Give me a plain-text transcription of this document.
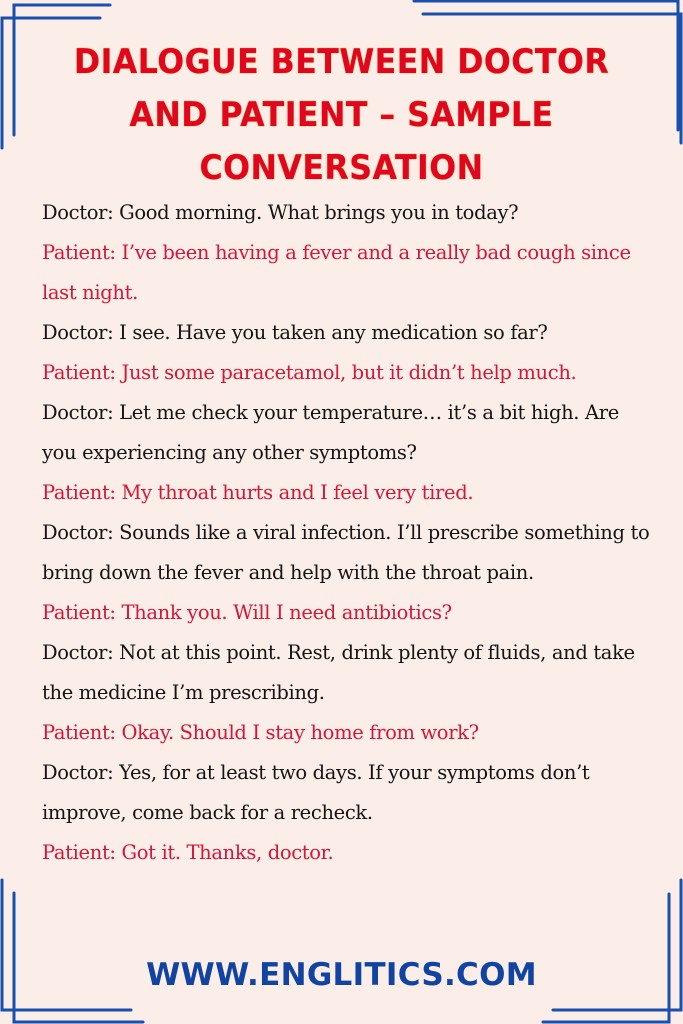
DIALOGUE BETWEEN DOCTOR
AND PATIENT – SAMPLE
CONVERSATION
Doctor: Good morning. What brings you in today?
Patient: I’ve been having a fever and a really bad cough since last night.
Doctor: I see. Have you taken any medication so far?
Patient: Just some paracetamol, but it didn’t help much.
Doctor: Let me check your temperature… it’s a bit high. Are you experiencing any other symptoms?
Patient: My throat hurts and I feel very tired.
Doctor: Sounds like a viral infection. I’ll prescribe something to bring down the fever and help with the throat pain.
Patient: Thank you. Will I need antibiotics?
Doctor: Not at this point. Rest, drink plenty of fluids, and take the medicine I’m prescribing.
Patient: Okay. Should I stay home from work?
Doctor: Yes, for at least two days. If your symptoms don’t improve, come back for a recheck.
Patient: Got it. Thanks, doctor.
WWW.ENGLITICS.COM
